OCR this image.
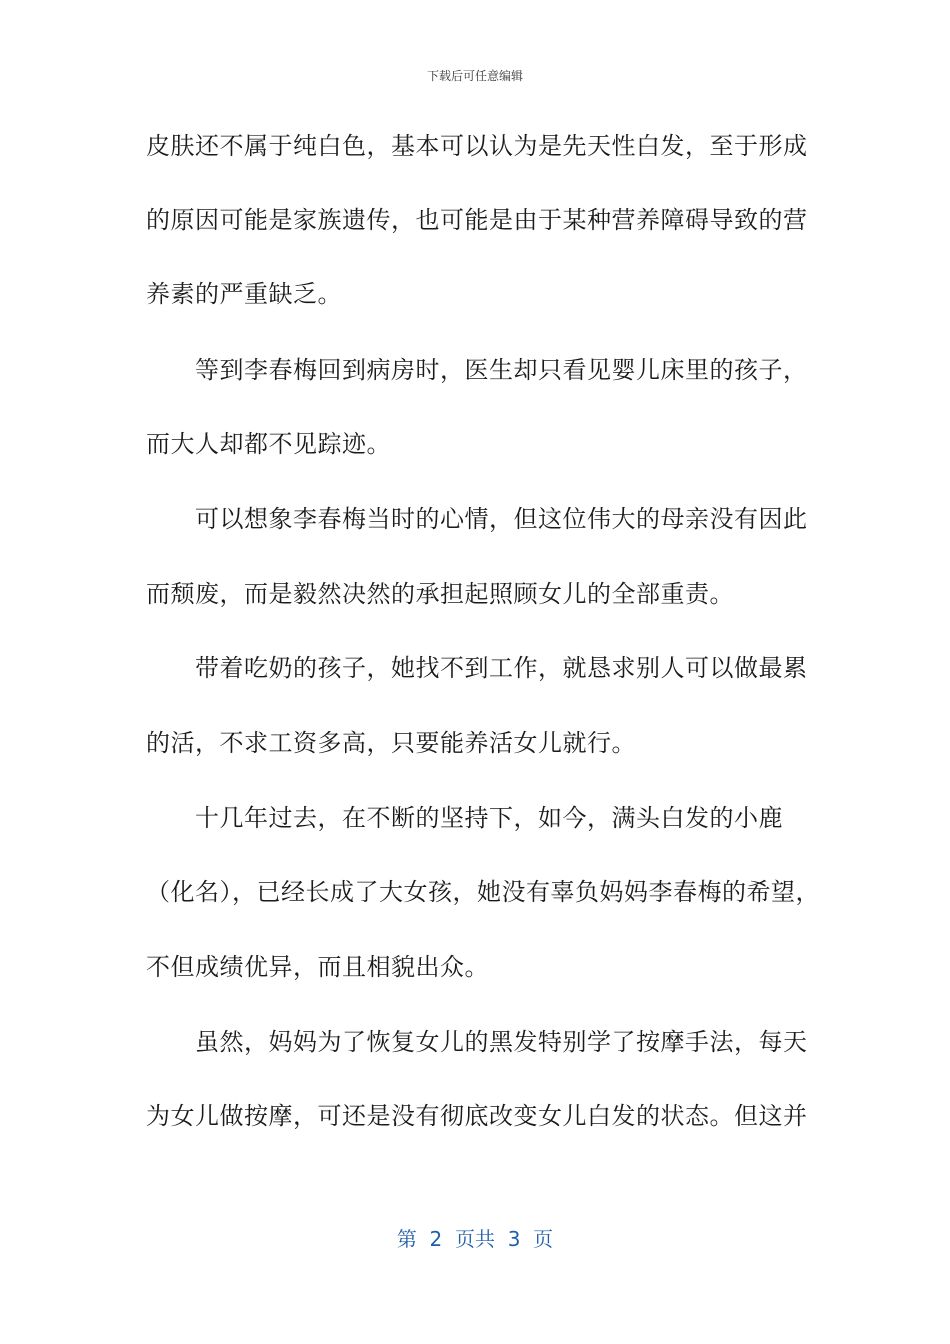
下载后可任意编辑
皮肤还不属于纯白色，基本可以认为是先天性白发，至于形成
的原因可能是家族遗传，也可能是由于某种营养障碍导致的营
养素的严重缺乏。
　　等到李春梅回到病房时，医生却只看见婴儿床里的孩子，
而大人却都不见踪迹。
　　可以想象李春梅当时的心情，但这位伟大的母亲没有因此
而颓废，而是毅然决然的承担起照顾女儿的全部重责。
　　带着吃奶的孩子，她找不到工作，就恳求别人可以做最累
的活，不求工资多高，只要能养活女儿就行。
　　十几年过去，在不断的坚持下，如今，满头白发的小鹿
（化名），已经长成了大女孩，她没有辜负妈妈李春梅的希望，
不但成绩优异，而且相貌出众。
　　虽然，妈妈为了恢复女儿的黑发特别学了按摩手法，每天
为女儿做按摩，可还是没有彻底改变女儿白发的状态。但这并
第  2  页共  3  页
